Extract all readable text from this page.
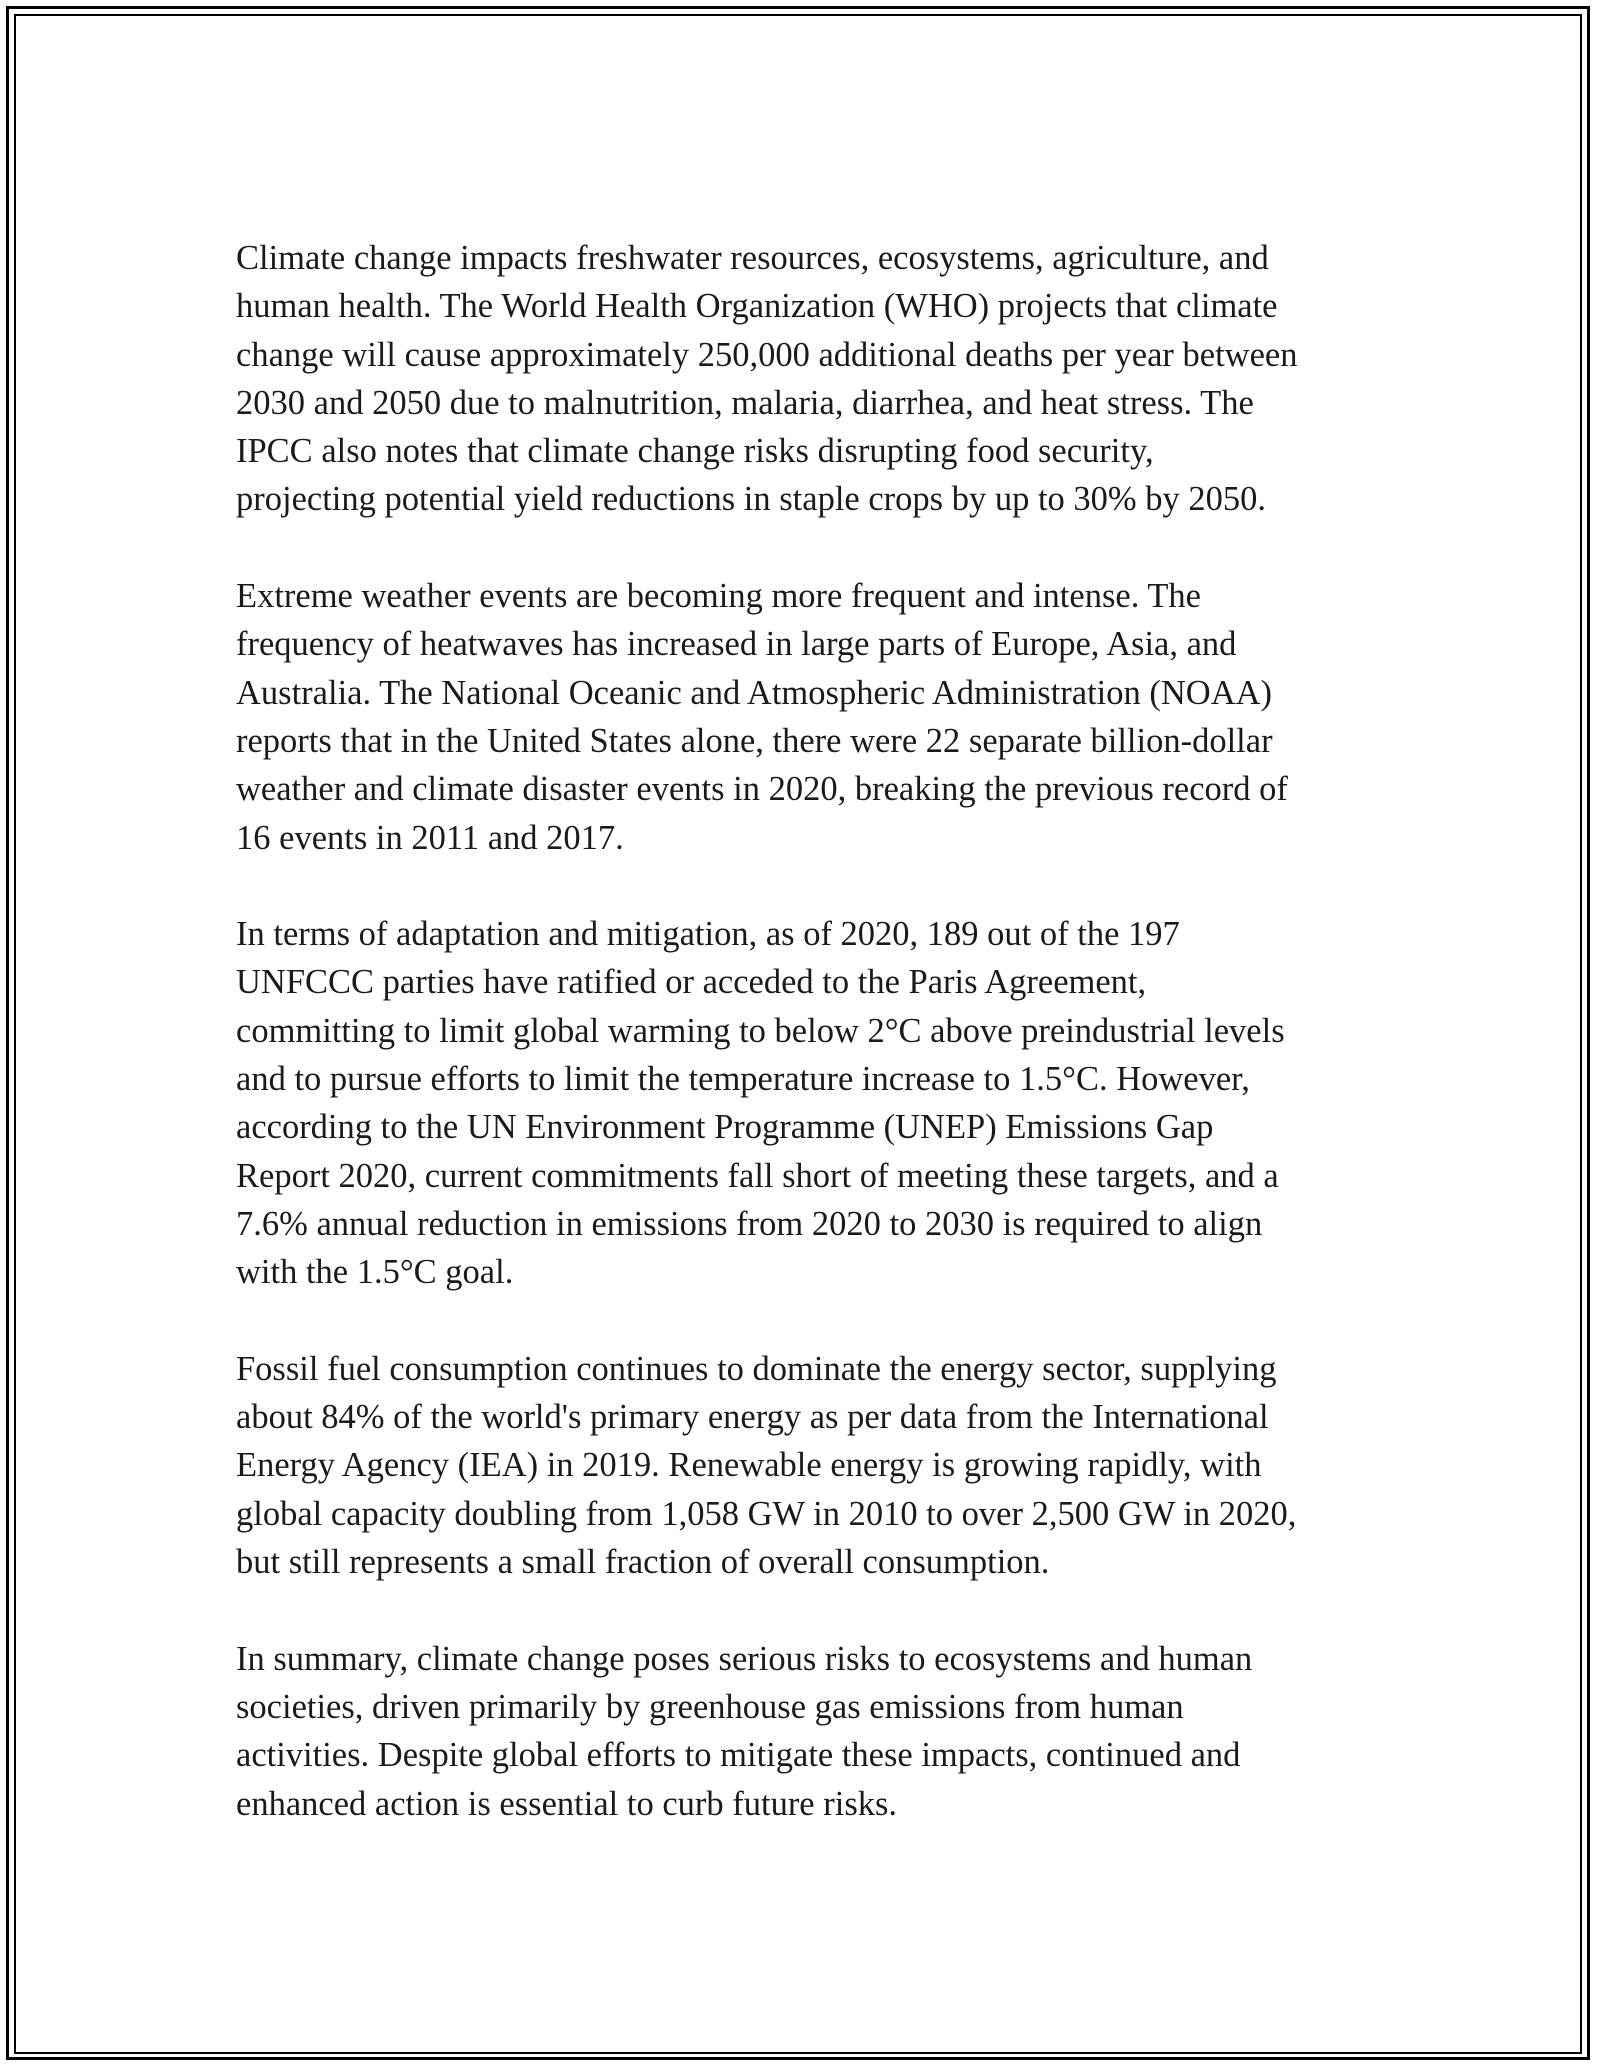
Climate change impacts freshwater resources, ecosystems, agriculture, and
human health. The World Health Organization (WHO) projects that climate
change will cause approximately 250,000 additional deaths per year between
2030 and 2050 due to malnutrition, malaria, diarrhea, and heat stress. The
IPCC also notes that climate change risks disrupting food security,
projecting potential yield reductions in staple crops by up to 30% by 2050.

Extreme weather events are becoming more frequent and intense. The
frequency of heatwaves has increased in large parts of Europe, Asia, and
Australia. The National Oceanic and Atmospheric Administration (NOAA)
reports that in the United States alone, there were 22 separate billion-dollar
weather and climate disaster events in 2020, breaking the previous record of
16 events in 2011 and 2017.

In terms of adaptation and mitigation, as of 2020, 189 out of the 197
UNFCCC parties have ratified or acceded to the Paris Agreement,
committing to limit global warming to below 2°C above preindustrial levels
and to pursue efforts to limit the temperature increase to 1.5°C. However,
according to the UN Environment Programme (UNEP) Emissions Gap
Report 2020, current commitments fall short of meeting these targets, and a
7.6% annual reduction in emissions from 2020 to 2030 is required to align
with the 1.5°C goal.

Fossil fuel consumption continues to dominate the energy sector, supplying
about 84% of the world's primary energy as per data from the International
Energy Agency (IEA) in 2019. Renewable energy is growing rapidly, with
global capacity doubling from 1,058 GW in 2010 to over 2,500 GW in 2020,
but still represents a small fraction of overall consumption.

In summary, climate change poses serious risks to ecosystems and human
societies, driven primarily by greenhouse gas emissions from human
activities. Despite global efforts to mitigate these impacts, continued and
enhanced action is essential to curb future risks.
